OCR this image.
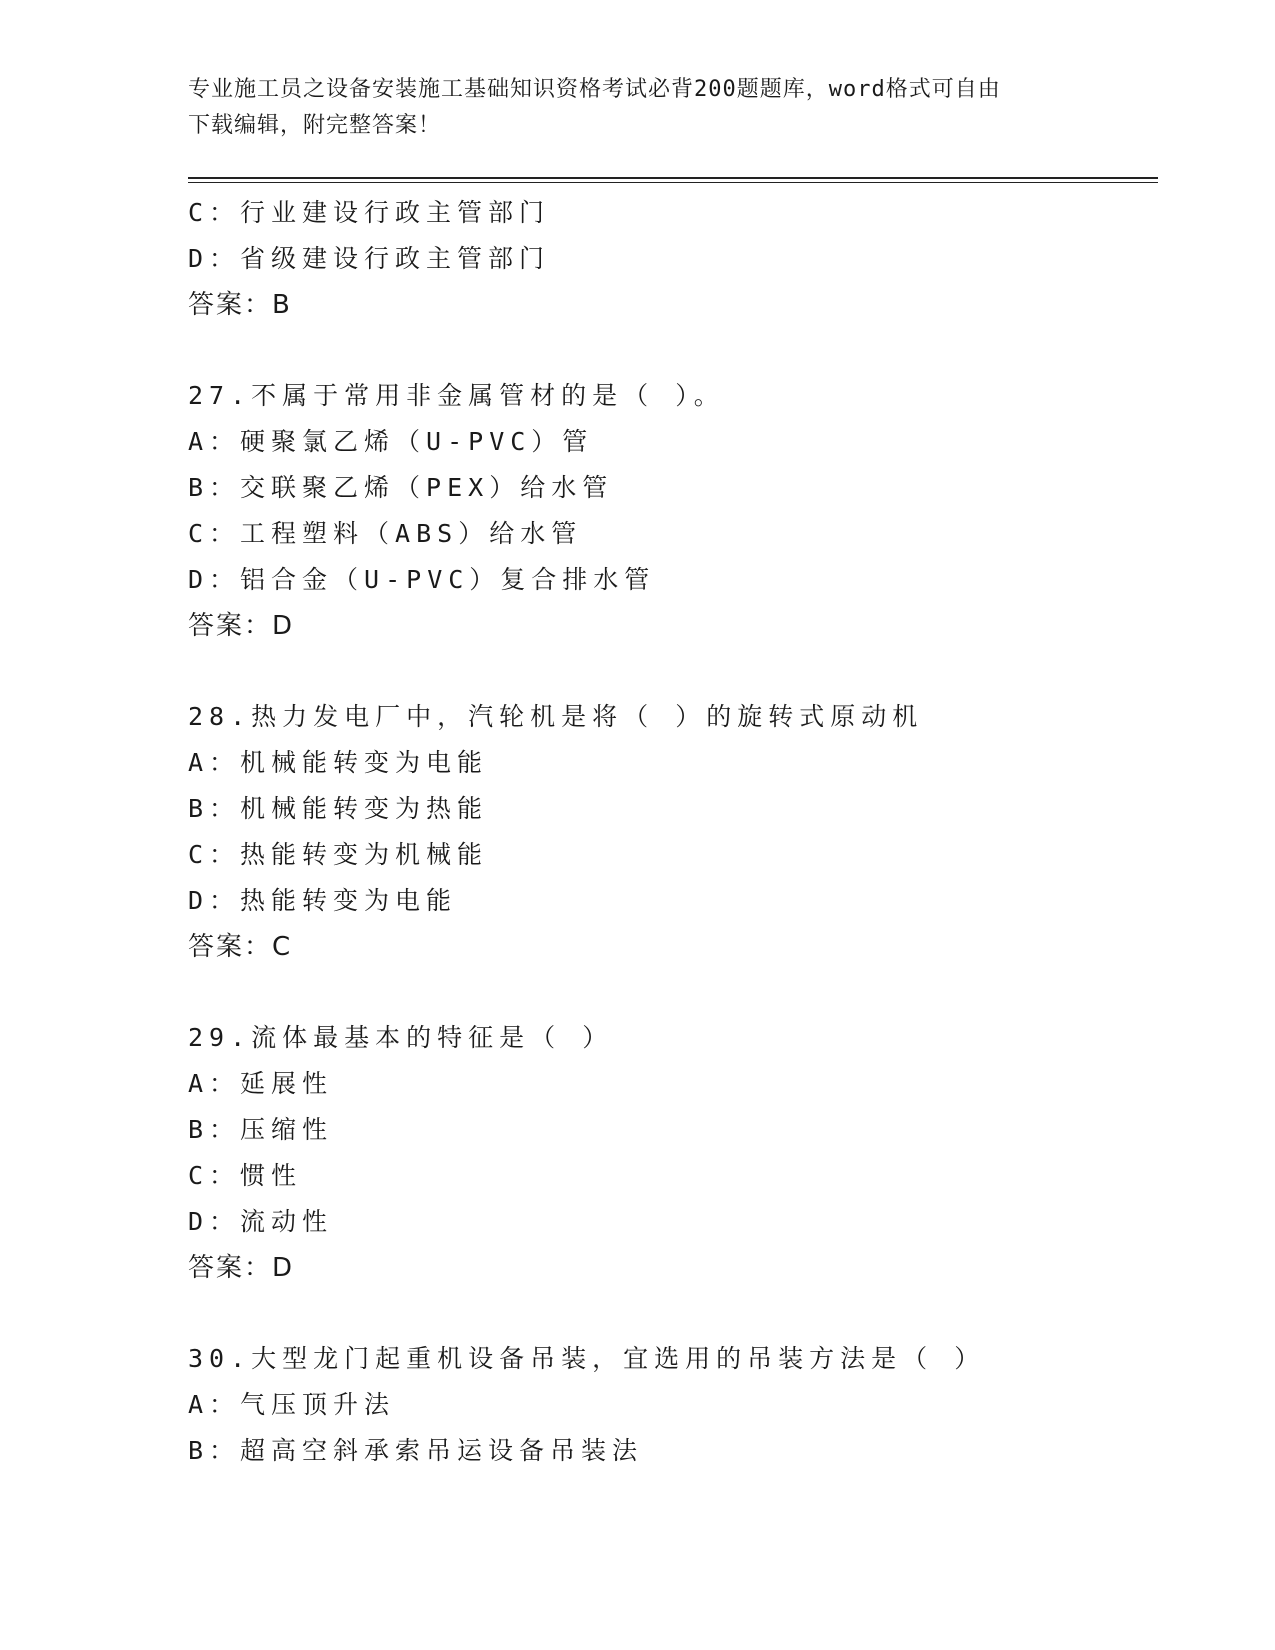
专业施工员之设备安装施工基础知识资格考试必背200题题库，word格式可自由
下载编辑，附完整答案！
C：行业建设行政主管部门
D：省级建设行政主管部门
答案：B
27.不属于常用非金属管材的是（ ）。
A：硬聚氯乙烯（U-PVC）管
B：交联聚乙烯（PEX）给水管
C：工程塑料（ABS）给水管
D：铝合金（U-PVC）复合排水管
答案：D
28.热力发电厂中，汽轮机是将（ ）的旋转式原动机
A：机械能转变为电能
B：机械能转变为热能
C：热能转变为机械能
D：热能转变为电能
答案：C
29.流体最基本的特征是（ ）
A：延展性
B：压缩性
C：惯性
D：流动性
答案：D
30.大型龙门起重机设备吊装，宜选用的吊装方法是（ ）
A：气压顶升法
B：超高空斜承索吊运设备吊装法
